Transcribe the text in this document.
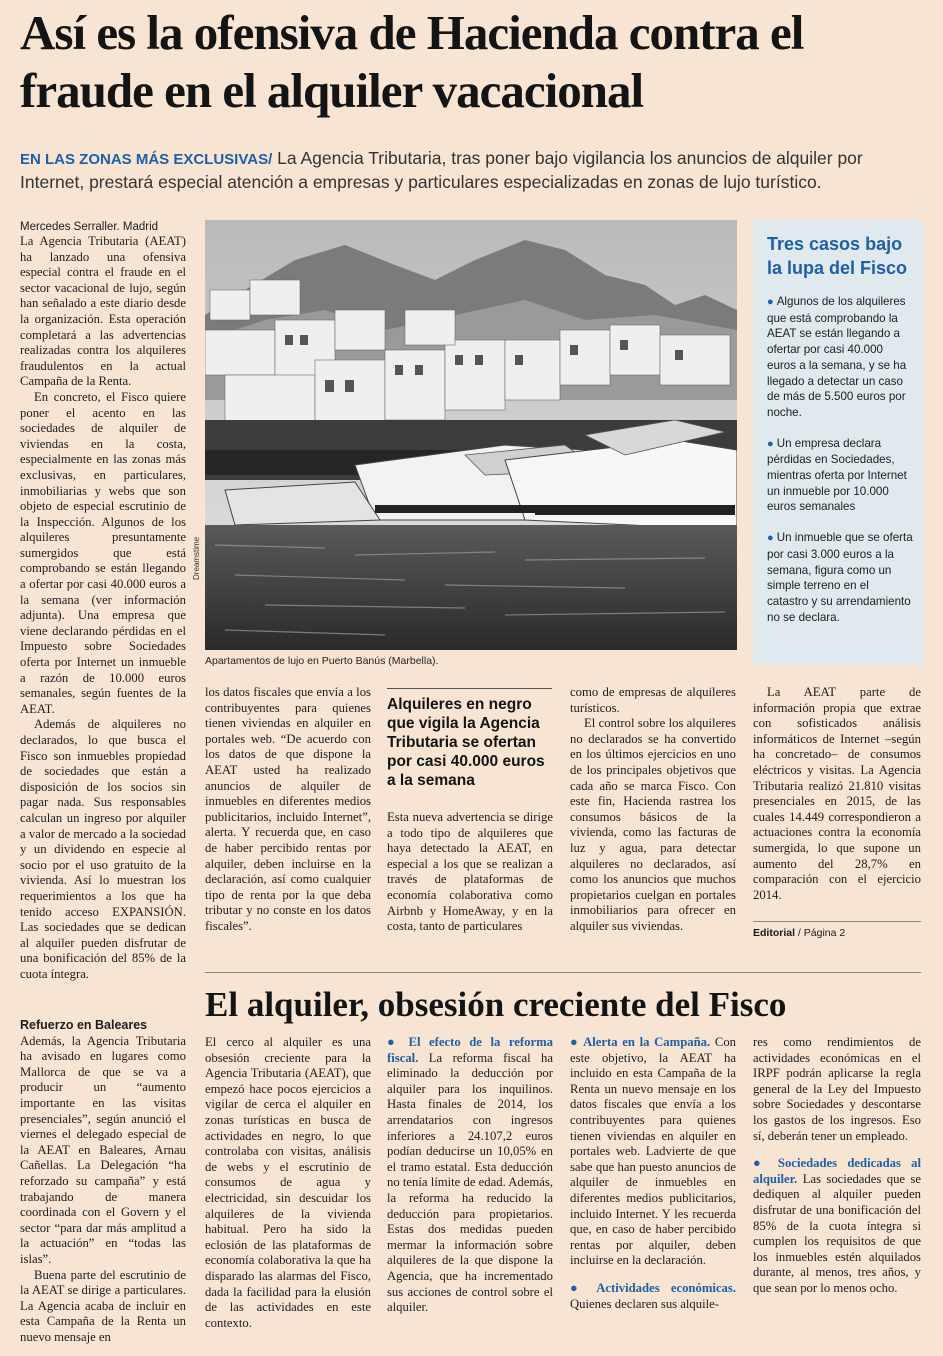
Así es la ofensiva de Hacienda contra el fraude en el alquiler vacacional

EN LAS ZONAS MÁS EXCLUSIVAS/ La Agencia Tributaria, tras poner bajo vigilancia los anuncios de alquiler por Internet, prestará especial atención a empresas y particulares especializadas en zonas de lujo turístico.

Mercedes Serraller. Madrid

La Agencia Tributaria (AEAT) ha lanzado una ofensiva especial contra el fraude en el sector vacacional de lujo, según han señalado a este diario desde la organización. Esta operación completará a las advertencias realizadas contra los alquileres fraudulentos en la actual Campaña de la Renta.

En concreto, el Fisco quiere poner el acento en las sociedades de alquiler de viviendas en la costa, especialmente en las zonas más exclusivas, en particulares, inmobiliarias y webs que son objeto de especial escrutinio de la Inspección. Algunos de los alquileres presuntamente sumergidos que está comprobando se están llegando a ofertar por casi 40.000 euros a la semana (ver información adjunta). Una empresa que viene declarando pérdidas en el Impuesto sobre Sociedades oferta por Internet un inmueble a razón de 10.000 euros semanales, según fuentes de la AEAT.

Además de alquileres no declarados, lo que busca el Fisco son inmuebles propiedad de sociedades que están a disposición de los socios sin pagar nada. Sus responsables calculan un ingreso por alquiler a valor de mercado a la sociedad y un dividendo en especie al socio por el uso gratuito de la vivienda. Así lo muestran los requerimientos a los que ha tenido acceso EXPANSIÓN. Las sociedades que se dedican al alquiler pueden disfrutar de una bonificación del 85% de la cuota íntegra.

Refuerzo en Baleares

Además, la Agencia Tributaria ha avisado en lugares como Mallorca de que se va a producir un “aumento importante en las visitas presenciales”, según anunció el viernes el delegado especial de la AEAT en Baleares, Arnau Cañellas. La Delegación “ha reforzado su campaña” y está trabajando de manera coordinada con el Govern y el sector “para dar más amplitud a la actuación” en “todas las islas”.

Buena parte del escrutinio de la AEAT se dirige a particulares. La Agencia acaba de incluir en esta Campaña de la Renta un nuevo mensaje en

Dreamstime
Apartamentos de lujo en Puerto Banús (Marbella).
Tres casos bajo la lupa del Fisco

● Algunos de los alquileres que está comprobando la AEAT se están llegando a ofertar por casi 40.000 euros a la semana, y se ha llegado a detectar un caso de más de 5.500 euros por noche.

● Un empresa declara pérdidas en Sociedades, mientras oferta por Internet un inmueble por 10.000 euros semanales

● Un inmueble que se oferta por casi 3.000 euros a la semana, figura como un simple terreno en el catastro y su arrendamiento no se declara.

los datos fiscales que envía a los contribuyentes para quienes tienen viviendas en alquiler en portales web. “De acuerdo con los datos de que dispone la AEAT usted ha realizado anuncios de alquiler de inmuebles en diferentes medios publicitarios, incluido Internet”, alerta. Y recuerda que, en caso de haber percibido rentas por alquiler, deben incluirse en la declaración, así como cualquier tipo de renta por la que deba tributar y no conste en los datos fiscales”.

Alquileres en negro que vigila la Agencia Tributaria se ofertan por casi 40.000 euros a la semana

Esta nueva advertencia se dirige a todo tipo de alquileres que haya detectado la AEAT, en especial a los que se realizan a través de plataformas de economía colaborativa como Airbnb y HomeAway, y en la costa, tanto de particulares

como de empresas de alquileres turísticos.

El control sobre los alquileres no declarados se ha convertido en los últimos ejercicios en uno de los principales objetivos que cada año se marca Fisco. Con este fin, Hacienda rastrea los consumos básicos de la vivienda, como las facturas de luz y agua, para detectar alquileres no declarados, así como los anuncios que muchos propietarios cuelgan en portales inmobiliarios para ofrecer en alquiler sus viviendas.

La AEAT parte de información propia que extrae con sofisticados análisis informáticos de Internet –según ha concretado– de consumos eléctricos y visitas. La Agencia Tributaria realizó 21.810 visitas presenciales en 2015, de las cuales 14.449 correspondieron a actuaciones contra la economía sumergida, lo que supone un aumento del 28,7% en comparación con el ejercicio 2014.

Editorial / Página 2
El alquiler, obsesión creciente del Fisco

El cerco al alquiler es una obsesión creciente para la Agencia Tributaria (AEAT), que empezó hace pocos ejercicios a vigilar de cerca el alquiler en zonas turísticas en busca de actividades en negro, lo que controlaba con visitas, análisis de webs y el escrutinio de consumos de agua y electricidad, sin descuidar los alquileres de la vivienda habitual. Pero ha sido la eclosión de las plataformas de economía colaborativa la que ha disparado las alarmas del Fisco, dada la facilidad para la elusión de las actividades en este contexto.

● El efecto de la reforma fiscal. La reforma fiscal ha eliminado la deducción por alquiler para los inquilinos. Hasta finales de 2014, los arrendatarios con ingresos inferiores a 24.107,2 euros podían deducirse un 10,05% en el tramo estatal. Esta deducción no tenía límite de edad. Además, la reforma ha reducido la deducción para propietarios. Estas dos medidas pueden mermar la información sobre alquileres de la que dispone la Agencia, que ha incrementado sus acciones de control sobre el alquiler.

● Alerta en la Campaña. Con este objetivo, la AEAT ha incluido en esta Campaña de la Renta un nuevo mensaje en los datos fiscales que envía a los contribuyentes para quienes tienen viviendas en alquiler en portales web. Ladvierte de que sabe que han puesto anuncios de alquiler de inmuebles en diferentes medios publicitarios, incluido Internet. Y les recuerda que, en caso de haber percibido rentas por alquiler, deben incluirse en la declaración.

● Actividades económicas. Quienes declaren sus alquile-

res como rendimientos de actividades económicas en el IRPF podrán aplicarse la regla general de la Ley del Impuesto sobre Sociedades y descontarse los gastos de los ingresos. Eso sí, deberán tener un empleado.

● Sociedades dedicadas al alquiler. Las sociedades que se dediquen al alquiler pueden disfrutar de una bonificación del 85% de la cuota íntegra si cumplen los requisitos de que los inmuebles estén alquilados durante, al menos, tres años, y que sean por lo menos ocho.
